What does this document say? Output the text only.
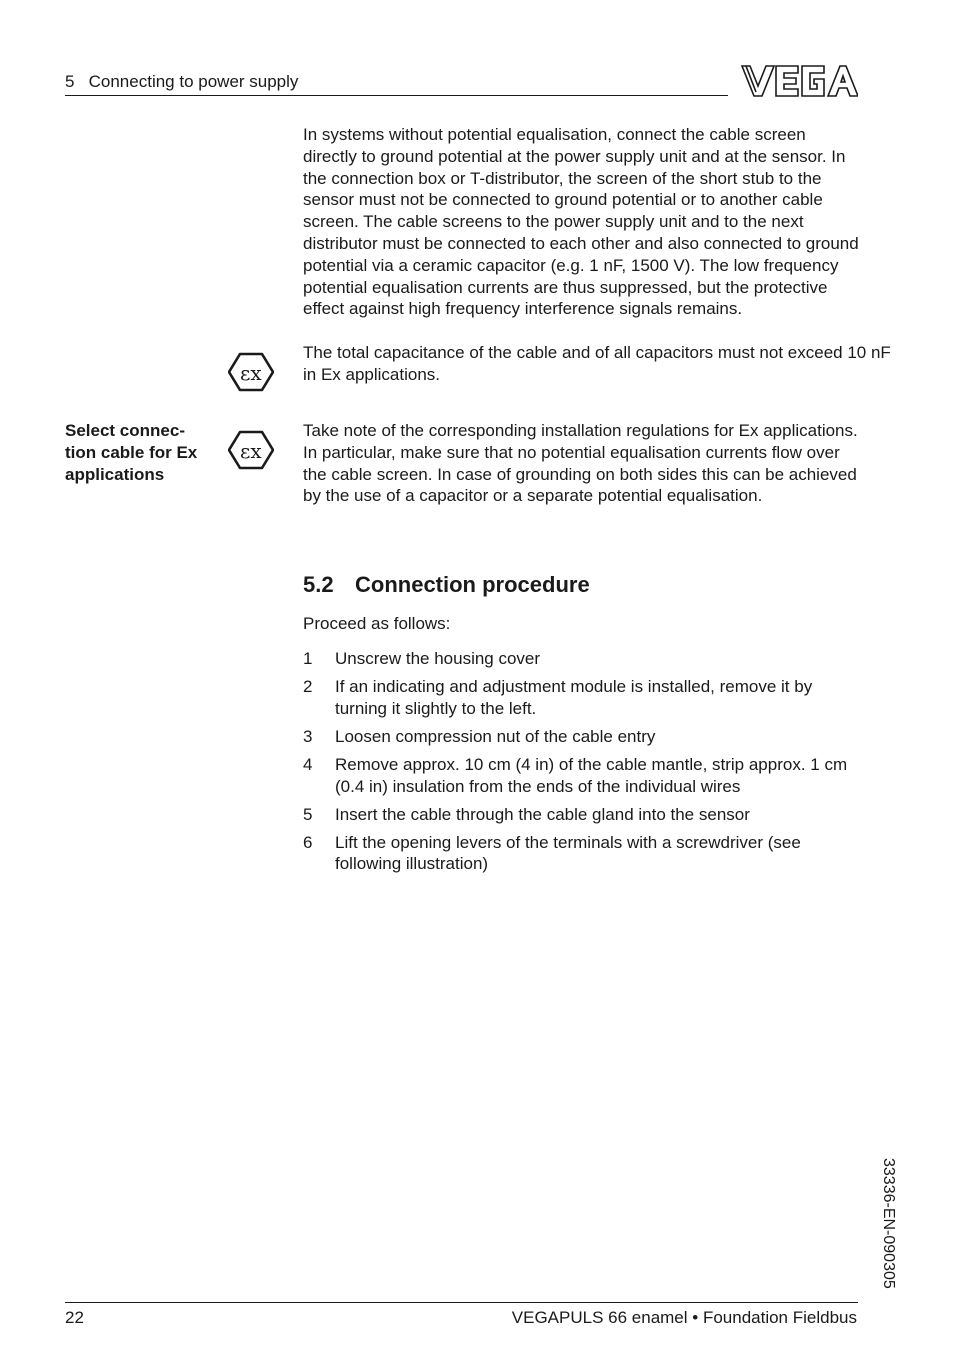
5   Connecting to power supply

In systems without potential equalisation, connect the cable screen directly to ground potential at the power supply unit and at the sensor. In the connection box or T-distributor, the screen of the short stub to the sensor must not be connected to ground potential or to another cable screen. The cable screens to the power supply unit and to the next distributor must be connected to each other and also connected to ground potential via a ceramic capacitor (e.g. 1 nF, 1500 V). The low frequency potential equalisation currents are thus suppressed, but the protective effect against high frequency interference signals remains.

εx

The total capacitance of the cable and of all capacitors must not exceed 10 nF in Ex applications.

Select connec-tion cable for Ex applications

εx

Take note of the corresponding installation regulations for Ex applications. In particular, make sure that no potential equalisation currents flow over the cable screen. In case of grounding on both sides this can be achieved by the use of a capacitor or a separate potential equalisation.

5.2 Connection procedure
Proceed as follows:
1	Unscrew the housing cover
2	If an indicating and adjustment module is installed, remove it by turning it slightly to the left.
3	Loosen compression nut of the cable entry
4	Remove approx. 10 cm (4 in) of the cable mantle, strip approx. 1 cm (0.4 in) insulation from the ends of the individual wires
5	Insert the cable through the cable gland into the sensor
6	Lift the opening levers of the terminals with a screwdriver (see following illustration)
33336-EN-090305
22	VEGAPULS 66 enamel • Foundation Fieldbus
